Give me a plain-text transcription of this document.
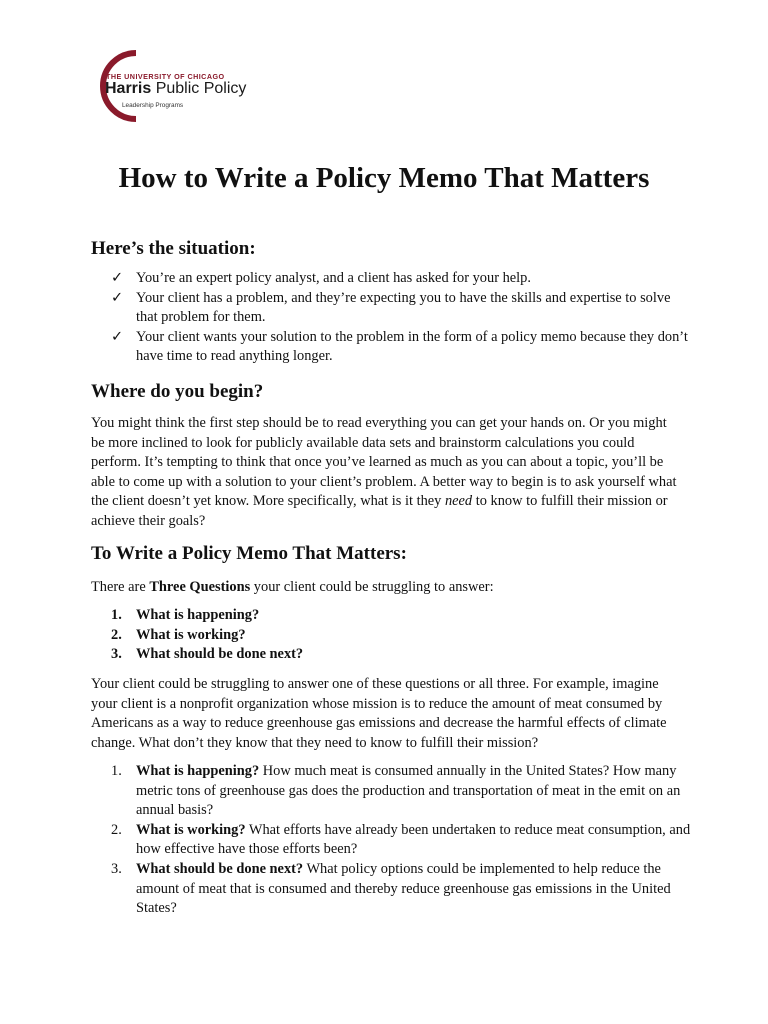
THE UNIVERSITY OF CHICAGO
Harris Public Policy
Leadership Programs
How to Write a Policy Memo That Matters
Here’s the situation:
✓ You’re an expert policy analyst, and a client has asked for your help.
✓ Your client has a problem, and they’re expecting you to have the skills and expertise to solve that problem for them.
✓ Your client wants your solution to the problem in the form of a policy memo because they don’t have time to read anything longer.
Where do you begin?

You might think the first step should be to read everything you can get your hands on. Or you might be more inclined to look for publicly available data sets and brainstorm calculations you could perform. It’s tempting to think that once you’ve learned as much as you can about a topic, you’ll be able to come up with a solution to your client’s problem. A better way to begin is to ask yourself what the client doesn’t yet know. More specifically, what is it they need to know to fulfill their mission or achieve their goals?

To Write a Policy Memo That Matters:

There are Three Questions your client could be struggling to answer:

1. What is happening?
2. What is working?
3. What should be done next?

Your client could be struggling to answer one of these questions or all three. For example, imagine your client is a nonprofit organization whose mission is to reduce the amount of meat consumed by Americans as a way to reduce greenhouse gas emissions and decrease the harmful effects of climate change. What don’t they know that they need to know to fulfill their mission?

1. What is happening? How much meat is consumed annually in the United States? How many metric tons of greenhouse gas does the production and transportation of meat in the emit on an annual basis?
2. What is working? What efforts have already been undertaken to reduce meat consumption, and how effective have those efforts been?
3. What should be done next? What policy options could be implemented to help reduce the amount of meat that is consumed and thereby reduce greenhouse gas emissions in the United States?
